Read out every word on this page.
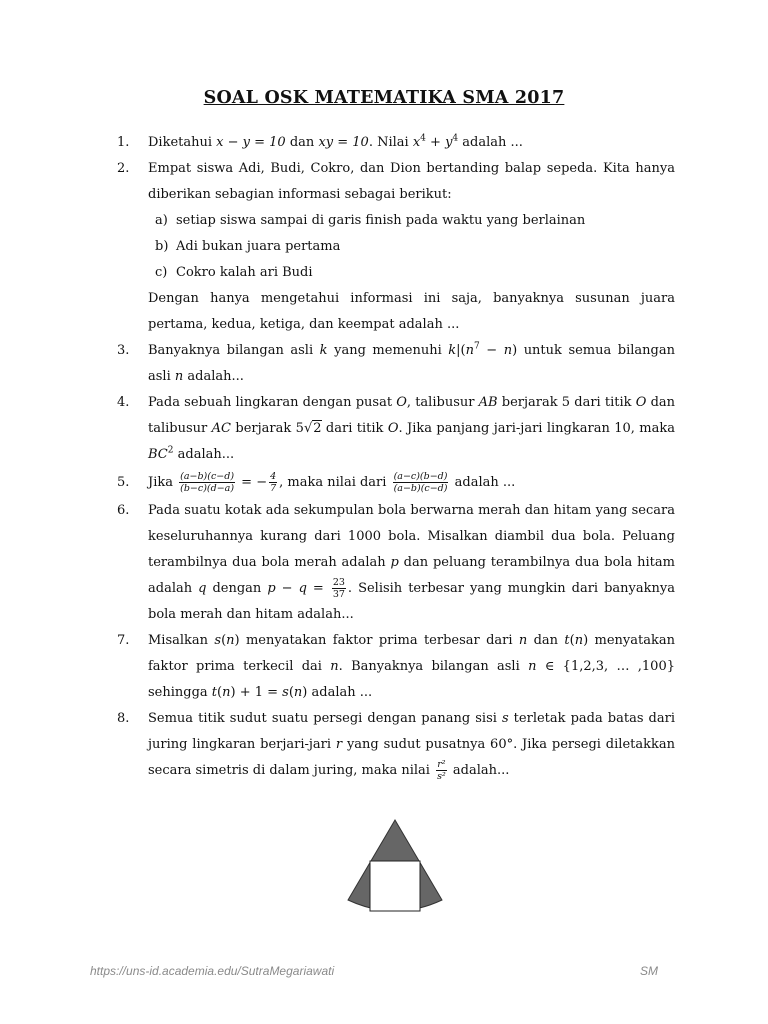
SOAL OSK MATEMATIKA SMA 2017
1. Diketahui x − y = 10 dan xy = 10. Nilai $x^4 + y^4$ adalah ...
2. Empat siswa Adi, Budi, Cokro, dan Dion bertanding balap sepeda. Kita hanya diberikan sebagian informasi sebagai berikut:
a) setiap siswa sampai di garis finish pada waktu yang berlainan
b) Adi bukan juara pertama
c) Cokro kalah ari Budi
Dengan hanya mengetahui informasi ini saja, banyaknya susunan juara pertama, kedua, ketiga, dan keempat adalah ...
3. Banyaknya bilangan asli k yang memenuhi $k|(n^7 - n)$ untuk semua bilangan asli n adalah...
4. Pada sebuah lingkaran dengan pusat O, talibusur AB berjarak 5 dari titik O dan talibusur AC berjarak 5√2 dari titik O. Jika panjang jari-jari lingkaran 10, maka $BC^2$ adalah...
5. Jika $\frac{(a-b)(c-d)}{(b-c)(d-a)}$ = − $\frac{4}{7}$ , maka nilai dari $\frac{(a-c)(b-d)}{(a-b)(c-d)}$ adalah ...
6. Pada suatu kotak ada sekumpulan bola berwarna merah dan hitam yang secara keseluruhannya kurang dari 1000 bola. Misalkan diambil dua bola. Peluang terambilnya dua bola merah adalah p dan peluang terambilnya dua bola hitam adalah q dengan $p - q = \frac{23}{37}$ . Selisih terbesar yang mungkin dari banyaknya bola merah dan hitam adalah...
7. Misalkan s(n) menyatakan faktor prima terbesar dari n dan t(n) menyatakan faktor prima terkecil dai n. Banyaknya bilangan asli n ∈ {1,2,3, … ,100} sehingga t(n) + 1 = s(n) adalah ...
8. Semua titik sudut suatu persegi dengan panang sisi s terletak pada batas dari juring lingkaran berjari-jari r yang sudut pusatnya 60°. Jika persegi diletakkan secara simetris di dalam juring, maka nilai $\frac{\text{r²}}{\text{s²}}$ adalah...
https://uns-id.academia.edu/SutraMegariawati	SM
